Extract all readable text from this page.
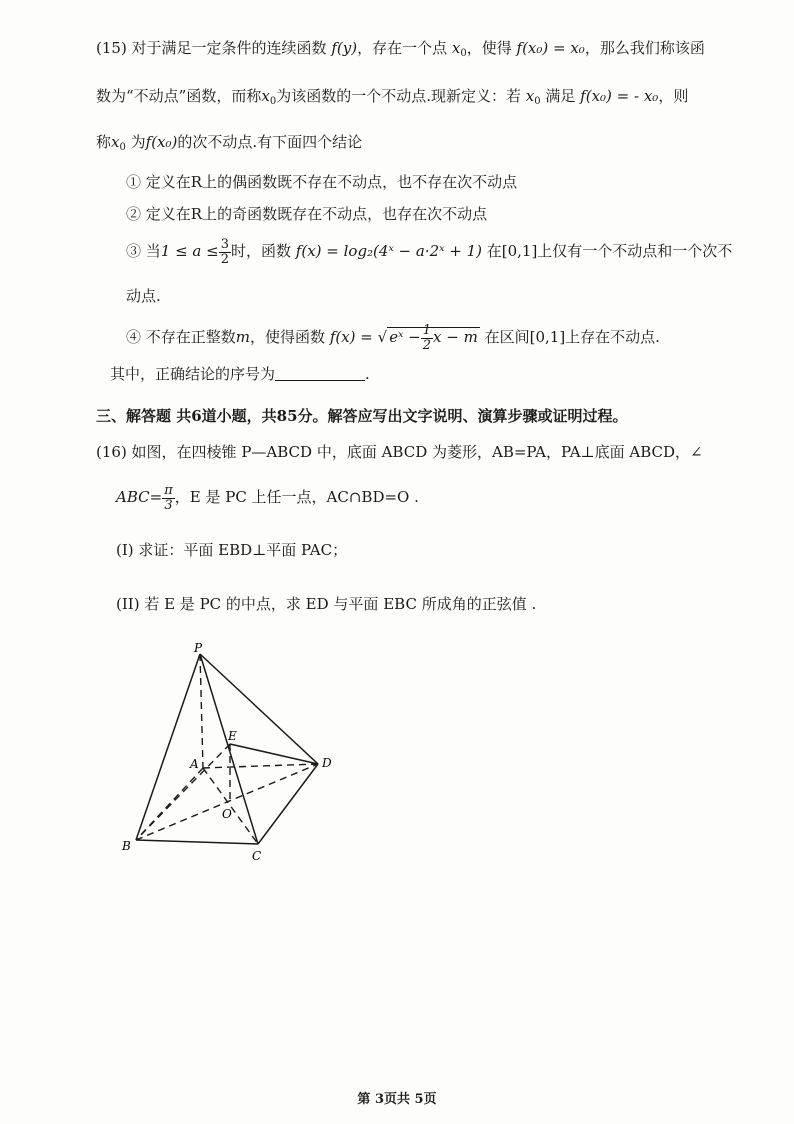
(15) 对于满足一定条件的连续函数 f(y)，存在一个点 $x_0$，使得 f(x₀) = x₀，那么我们称该函
数为“不动点”函数，而称$x_0$为该函数的一个不动点.现新定义：若 $x_0$ 满足 f(x₀) = - x₀，则
称$x_0$ 为f(x₀)的次不动点.有下面四个结论
① 定义在R上的偶函数既不存在不动点，也不存在次不动点
② 定义在R上的奇函数既存在不动点，也存在次不动点
③ 当$1 \le a \le \frac{3}{2}$ 时，函数 f(x) = log₂(4ˣ − a·2ˣ + 1) 在[0,1]上仅有一个不动点和一个次不
动点.
④ 不存在正整数m，使得函数 f(x) = √ eˣ − $\frac{1}{2}$ x − m 在区间[0,1]上存在不动点.
其中，正确结论的序号为	.
三、解答题 共6道小题，共85分。解答应写出文字说明、演算步骤或证明过程。
(16) 如图，在四棱锥 P—ABCD 中，底面 ABCD 为菱形，AB=PA，PA⊥底面 ABCD，∠
$ABC= \frac{\pi}{3}$ ，E 是 PC 上任一点，AC∩BD=O .
(I) 求证：平面 EBD⊥平面 PAC；
(II) 若 E 是 PC 的中点，求 ED 与平面 EBC 所成角的正弦值 .
P
E
A	D
O
B
C
第 3页共 5页
